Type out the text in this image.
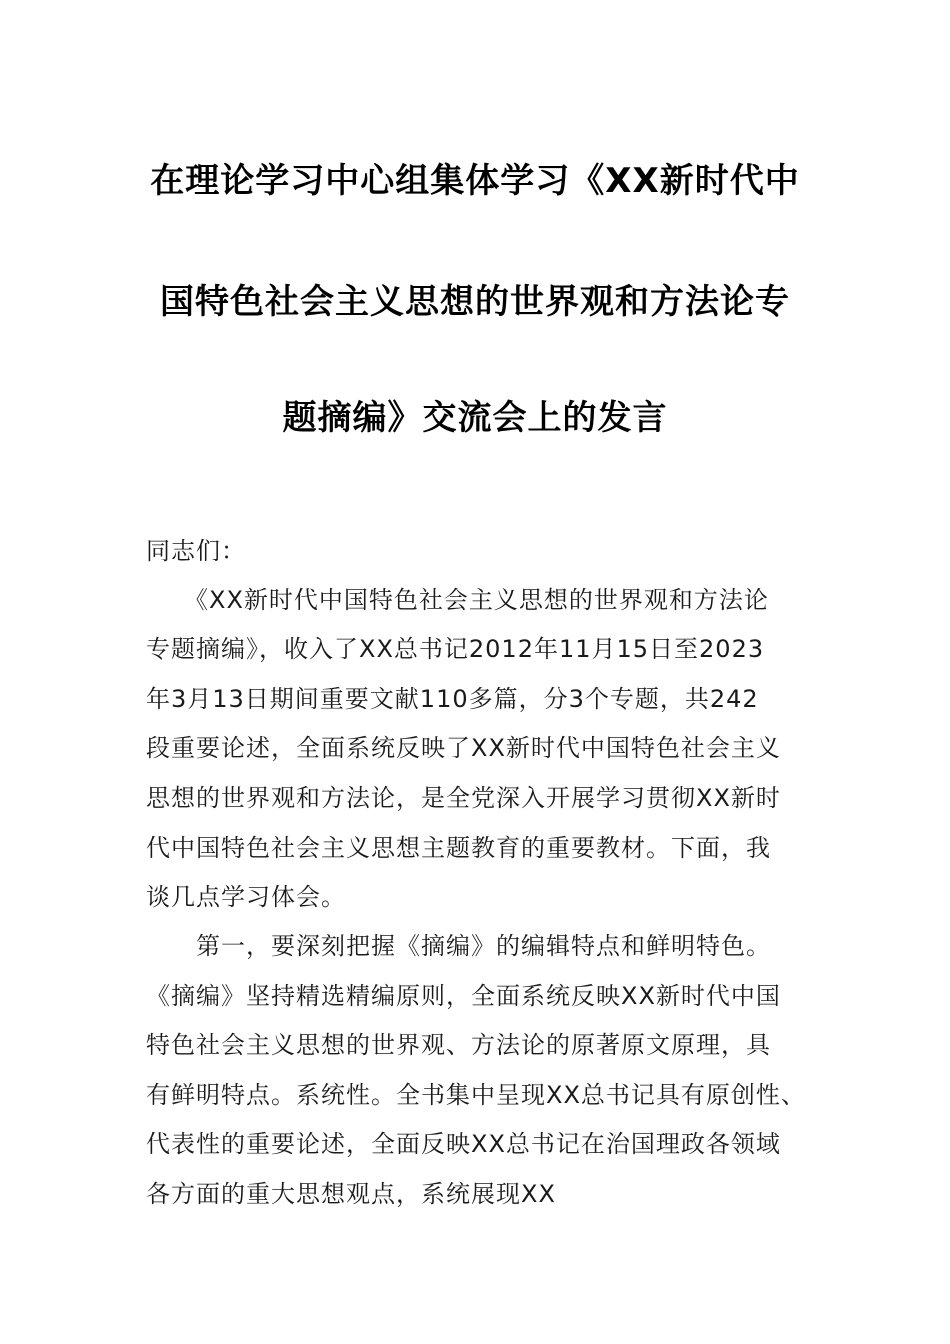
在理论学习中心组集体学习《XX新时代中
国特色社会主义思想的世界观和方法论专
题摘编》交流会上的发言
同志们：
　　《XX新时代中国特色社会主义思想的世界观和方法论
专题摘编》，收入了XX总书记2012年11月15日至2023
年3月13日期间重要文献110多篇，分3个专题，共242
段重要论述，全面系统反映了XX新时代中国特色社会主义
思想的世界观和方法论，是全党深入开展学习贯彻XX新时
代中国特色社会主义思想主题教育的重要教材。下面，我
谈几点学习体会。
　　第一，要深刻把握《摘编》的编辑特点和鲜明特色。
《摘编》坚持精选精编原则，全面系统反映XX新时代中国
特色社会主义思想的世界观、方法论的原著原文原理，具
有鲜明特点。系统性。全书集中呈现XX总书记具有原创性、
代表性的重要论述，全面反映XX总书记在治国理政各领域
各方面的重大思想观点，系统展现XX
